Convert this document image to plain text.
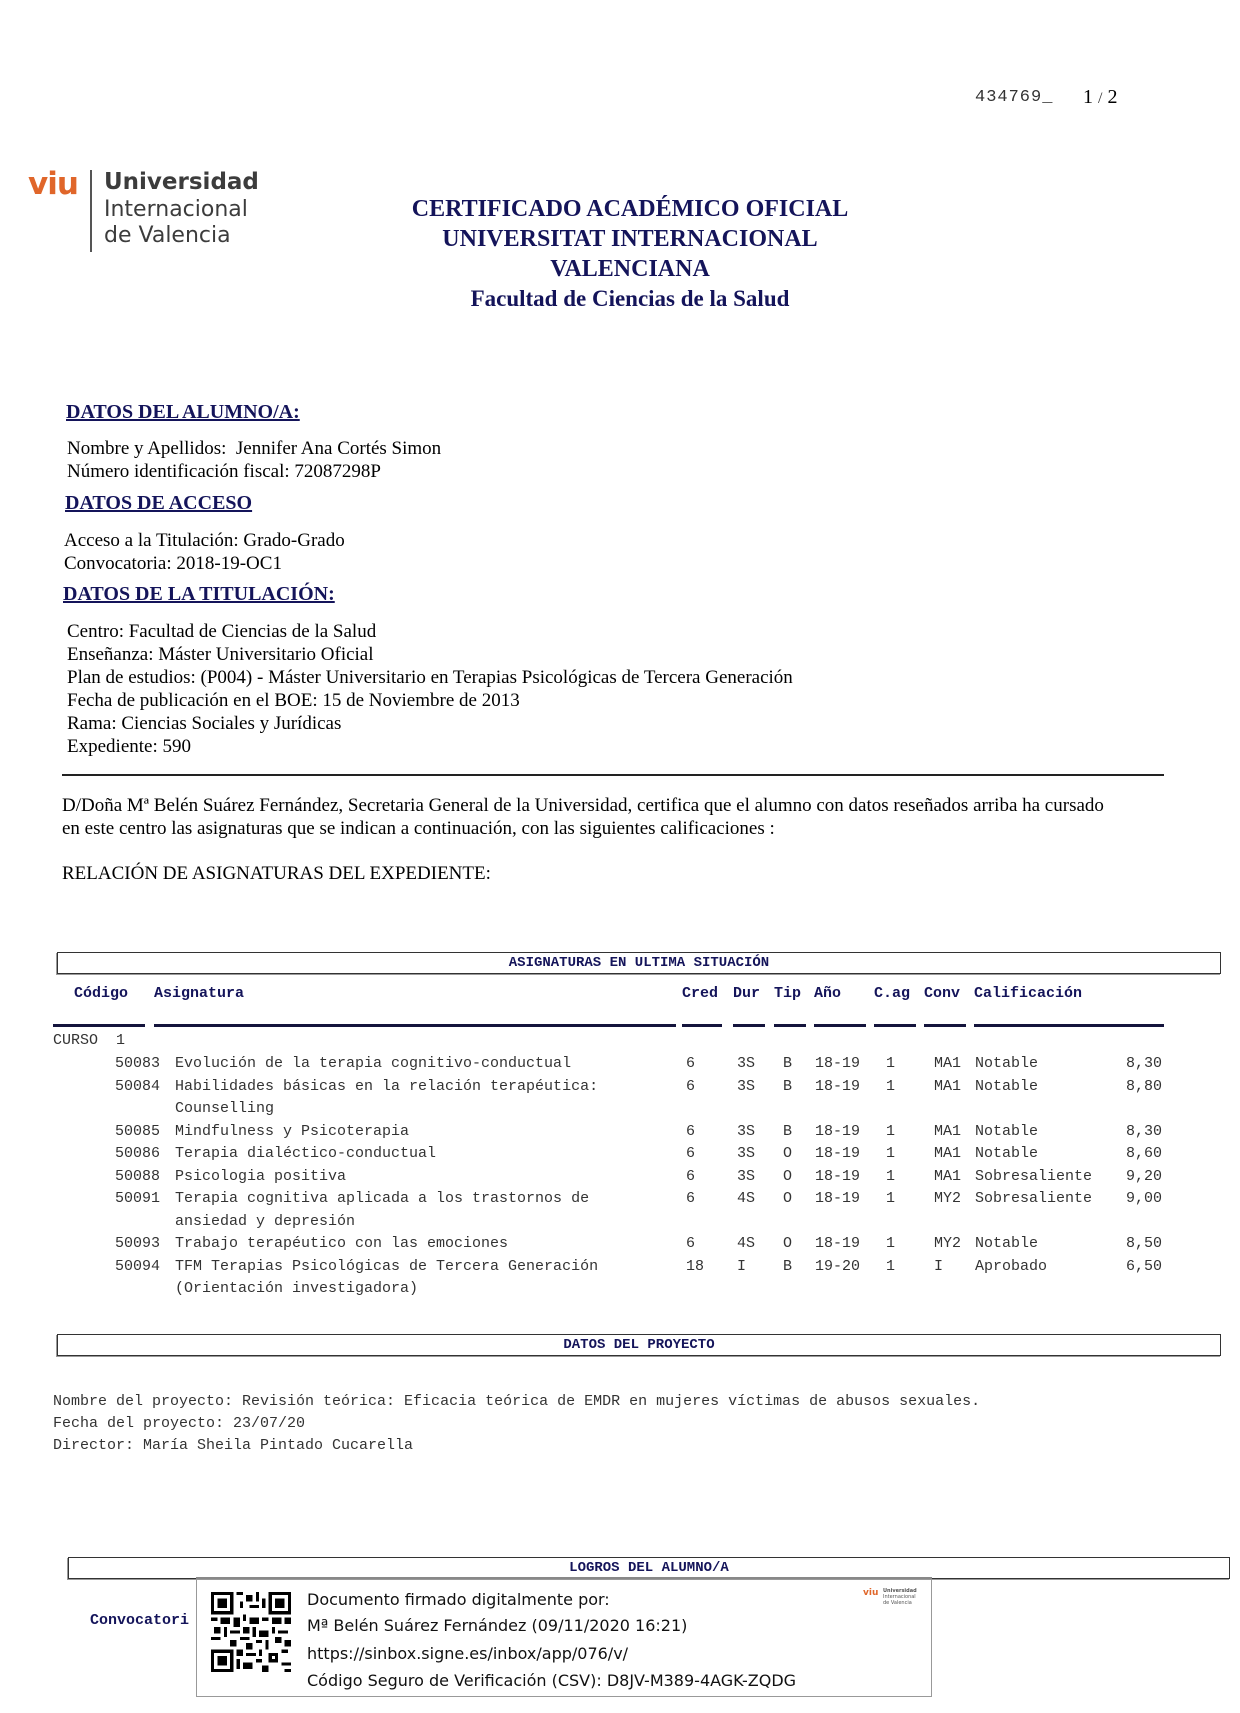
434769_ 1 / 2
viu Universidad
Internacional
de Valencia
CERTIFICADO ACADÉMICO OFICIAL
UNIVERSITAT INTERNACIONAL
VALENCIANA
Facultad de Ciencias de la Salud
DATOS DEL ALUMNO/A:
Nombre y Apellidos: Jennifer Ana Cortés Simon
Número identificación fiscal: 72087298P
DATOS DE ACCESO
Acceso a la Titulación: Grado-Grado
Convocatoria: 2018-19-OC1
DATOS DE LA TITULACIÓN:
Centro: Facultad de Ciencias de la Salud
Enseñanza: Máster Universitario Oficial
Plan de estudios: (P004) - Máster Universitario en Terapias Psicológicas de Tercera Generación
Fecha de publicación en el BOE: 15 de Noviembre de 2013
Rama: Ciencias Sociales y Jurídicas
Expediente: 590
D/Doña Mª Belén Suárez Fernández, Secretaria General de la Universidad, certifica que el alumno con datos reseñados arriba ha cursado
en este centro las asignaturas que se indican a continuación, con las siguientes calificaciones :
RELACIÓN DE ASIGNATURAS DEL EXPEDIENTE:
ASIGNATURAS EN ULTIMA SITUACIÓN
Código Asignatura	Cred Dur Tip Año C.ag Conv Calificación
CURSO  1
50083 Evolución de la terapia cognitivo-conductual	6	3S B 18-19 1	MA1 Notable	8,30
50084 Habilidades básicas en la relación terapéutica:	6	3S B 18-19 1	MA1 Notable	8,80
Counselling
50085 Mindfulness y Psicoterapia	6	3S B 18-19 1	MA1 Notable	8,30
50086 Terapia dialéctico-conductual	6	3S O 18-19 1	MA1 Notable	8,60
50088 Psicologia positiva	6	3S O 18-19 1	MA1 Sobresaliente 9,20
50091 Terapia cognitiva aplicada a los trastornos de	6	4S O 18-19 1	MY2 Sobresaliente 9,00
ansiedad y depresión
50093 Trabajo terapéutico con las emociones	6	4S O 18-19 1	MY2 Notable	8,50
50094 TFM Terapias Psicológicas de Tercera Generación	18 I B 19-20 1	I Aprobado	6,50
(Orientación investigadora)
DATOS DEL PROYECTO
Nombre del proyecto: Revisión teórica: Eficacia teórica de EMDR en mujeres víctimas de abusos sexuales.
Fecha del proyecto: 23/07/20
Director: María Sheila Pintado Cucarella
LOGROS DEL ALUMNO/A
Convocatori
Documento firmado digitalmente por:
Mª Belén Suárez Fernández (09/11/2020 16:21)
https://sinbox.signe.es/inbox/app/076/v/
Código Seguro de Verificación (CSV): D8JV-M389-4AGK-ZQDG
viu Universidad
Internacional
de Valencia
